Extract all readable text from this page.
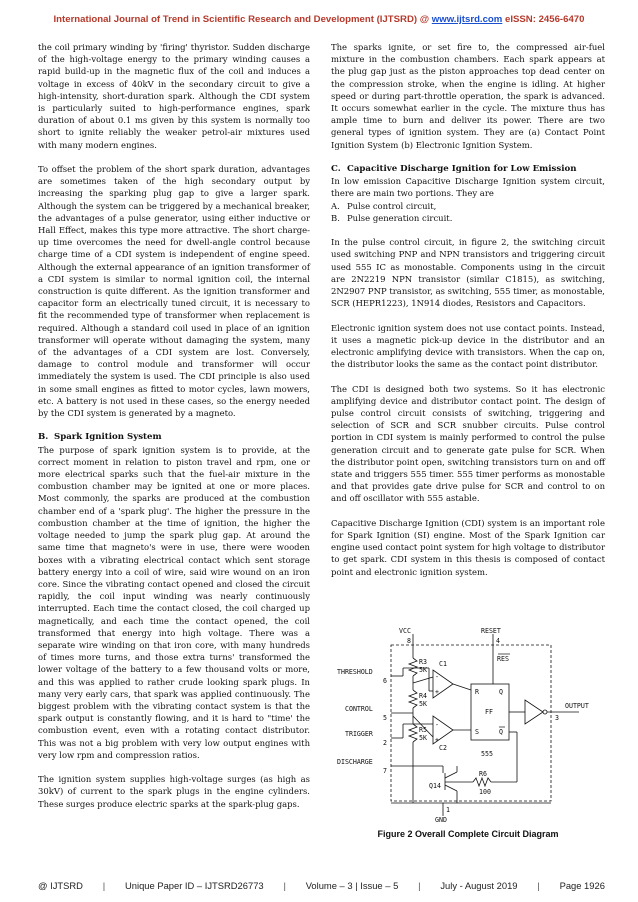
International Journal of Trend in Scientific Research and Development (IJTSRD) @ www.ijtsrd.com eISSN: 2456-6470

the coil primary winding by 'firing' thyristor. Sudden discharge of the high-voltage energy to the primary winding causes a rapid build-up in the magnetic flux of the coil and induces a voltage in excess of 40kV in the secondary circuit to give a high-intensity, short-duration spark. Although the CDI system is particularly suited to high-performance engines, spark duration of about 0.1 ms given by this system is normally too short to ignite reliably the weaker petrol-air mixtures used with many modern engines.

To offset the problem of the short spark duration, advantages are sometimes taken of the high secondary output by increasing the sparking plug gap to give a larger spark. Although the system can be triggered by a mechanical breaker, the advantages of a pulse generator, using either inductive or Hall Effect, makes this type more attractive. The short charge-up time overcomes the need for dwell-angle control because charge time of a CDI system is independent of engine speed. Although the external appearance of an ignition transformer of a CDI system is similar to normal ignition coil, the internal construction is quite different. As the ignition transformer and capacitor form an electrically tuned circuit, it is necessary to fit the recommended type of transformer when replacement is required. Although a standard coil used in place of an ignition transformer will operate without damaging the system, many of the advantages of a CDI system are lost. Conversely, damage to control module and transformer will occur immediately the system is used. The CDI principle is also used in some small engines as fitted to motor cycles, lawn mowers, etc. A battery is not used in these cases, so the energy needed by the CDI system is generated by a magneto.

B. Spark Ignition System

The purpose of spark ignition system is to provide, at the correct moment in relation to piston travel and rpm, one or more electrical sparks such that the fuel-air mixture in the combustion chamber may be ignited at one or more places. Most commonly, the sparks are produced at the combustion chamber end of a 'spark plug'. The higher the pressure in the combustion chamber at the time of ignition, the higher the voltage needed to jump the spark plug gap. At around the same time that magneto's were in use, there were wooden boxes with a vibrating electrical contact which sent storage battery energy into a coil of wire, said wire wound on an iron core. Since the vibrating contact opened and closed the circuit rapidly, the coil input winding was nearly continuously interrupted. Each time the contact closed, the coil charged up magnetically, and each time the contact opened, the coil transformed that energy into high voltage. There was a separate wire winding on that iron core, with many hundreds of times more turns, and those extra turns' transformed the lower voltage of the battery to a few thousand volts or more, and this was applied to rather crude looking spark plugs. In many very early cars, that spark was applied continuously. The biggest problem with the vibrating contact system is that the spark output is constantly flowing, and it is hard to "time' the combustion event, even with a rotating contact distributor. This was not a big problem with very low output engines with very low rpm and compression ratios.

The ignition system supplies high-voltage surges (as high as 30kV) of current to the spark plugs in the engine cylinders. These surges produce electric sparks at the spark-plug gaps.

The sparks ignite, or set fire to, the compressed air-fuel mixture in the combustion chambers. Each spark appears at the plug gap just as the piston approaches top dead center on the compression stroke, when the engine is idling. At higher speed or during part-throttle operation, the spark is advanced. It occurs somewhat earlier in the cycle. The mixture thus has ample time to burn and deliver its power. There are two general types of ignition system. They are (a) Contact Point Ignition System (b) Electronic Ignition System.

C. Capacitive Discharge Ignition for Low Emission

In low emission Capacitive Discharge Ignition system circuit, there are main two portions. They are

A. Pulse control circuit,
B. Pulse generation circuit.

In the pulse control circuit, in figure 2, the switching circuit used switching PNP and NPN transistors and triggering circuit used 555 IC as monostable. Components using in the circuit are 2N2219 NPN transistor (similar C1815), as switching, 2N2907 PNP transistor, as switching, 555 timer, as monostable, SCR (HEPR1223), 1N914 diodes, Resistors and Capacitors.

Electronic ignition system does not use contact points. Instead, it uses a magnetic pick-up device in the distributor and an electronic amplifying device with transistors. When the cap on, the distributor looks the same as the contact point distributor.

The CDI is designed both two systems. So it has electronic amplifying device and distributor contact point. The design of pulse control circuit consists of switching, triggering and selection of SCR and SCR snubber circuits. Pulse control portion in CDI system is mainly performed to control the pulse generation circuit and to generate gate pulse for SCR. When the distributor point open, switching transistors turn on and off state and triggers 555 timer. 555 timer performs as monostable and that provides gate drive pulse for SCR and control to on and off oscillator with 555 astable.

Capacitive Discharge Ignition (CDI) system is an important role for Spark Ignition (SI) engine. Most of the Spark Ignition car engine used contact point system for high voltage to distributor to get spark. CDI system in this thesis is composed of contact point and electronic ignition system.

VCC	RESET
8	4
R3
5K
C1
-
+
THRESHOLD
6
CONTROL
5
R4
5K
TRIGGER
2
R5
5K
C2
-
+
DISCHARGE
7
Q14
R6
100
R	Q
FF
S	Q
RES
555
OUTPUT
3
1
GND
Figure 2 Overall Complete Circuit Diagram
@ IJTSRD | Unique Paper ID – IJTSRD26773 | Volume – 3 | Issue – 5 | July - August 2019 | Page 1926
